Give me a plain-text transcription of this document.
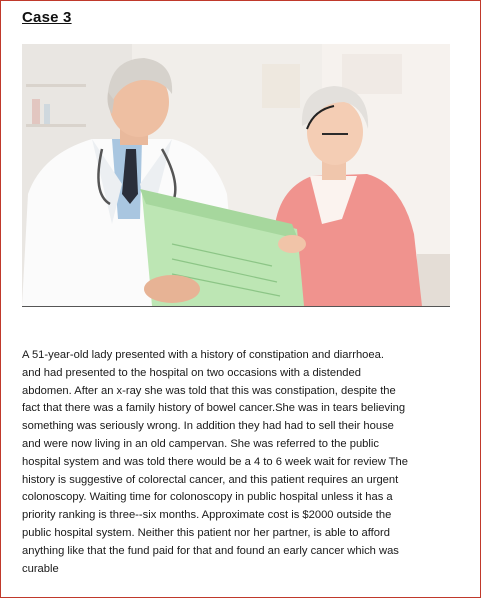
Case 3
A 51-year-old lady presented with a history of constipation and diarrhoea.
and had presented to the hospital on two occasions with a distended
abdomen. After an x-ray she was told that this was constipation, despite the
fact that there was a family history of bowel cancer.She was in tears believing
something was seriously wrong. In addition they had had to sell their house
and were now living in an old campervan. She was referred to the public
hospital system and was told there would be a 4 to 6 week wait for review The
history is suggestive of colorectal cancer, and this patient requires an urgent
colonoscopy. Waiting time for colonoscopy in public hospital unless it has a
priority ranking is three--six months. Approximate cost is $2000 outside the
public hospital system. Neither this patient nor her partner, is able to afford
anything like that the fund paid for that and found an early cancer which was
curable
